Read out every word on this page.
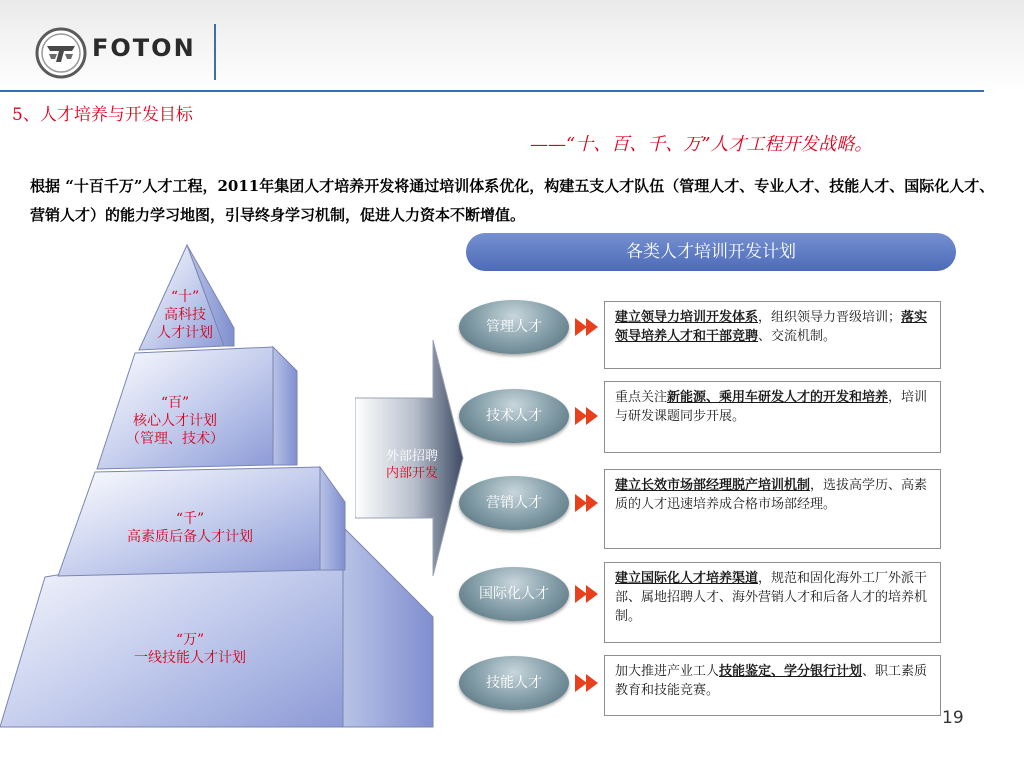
FOTON
5、人才培养与开发目标
——“十、百、千、万”人才工程开发战略。
根据 “十百千万”人才工程，2011年集团人才培养开发将通过培训体系优化，构建五支人才队伍（管理人才、专业人才、技能人才、国际化人才、营销人才）的能力学习地图，引导终身学习机制，促进人力资本不断增值。
“十”
高科技
人才计划
“百”
核心人才计划
（管理、技术）
“千”
高素质后备人才计划
“万”
一线技能人才计划
外部招聘
内部开发
各类人才培训开发计划
管理人才
建立领导力培训开发体系，组织领导力晋级培训；落实领导培养人才和干部竞聘、交流机制。
技术人才
重点关注新能源、乘用车研发人才的开发和培养，培训与研发课题同步开展。
营销人才
建立长效市场部经理脱产培训机制，选拔高学历、高素质的人才迅速培养成合格市场部经理。
国际化人才
建立国际化人才培养渠道，规范和固化海外工厂外派干部、属地招聘人才、海外营销人才和后备人才的培养机制。
技能人才
加大推进产业工人技能鉴定、学分银行计划、职工素质教育和技能竞赛。
19
